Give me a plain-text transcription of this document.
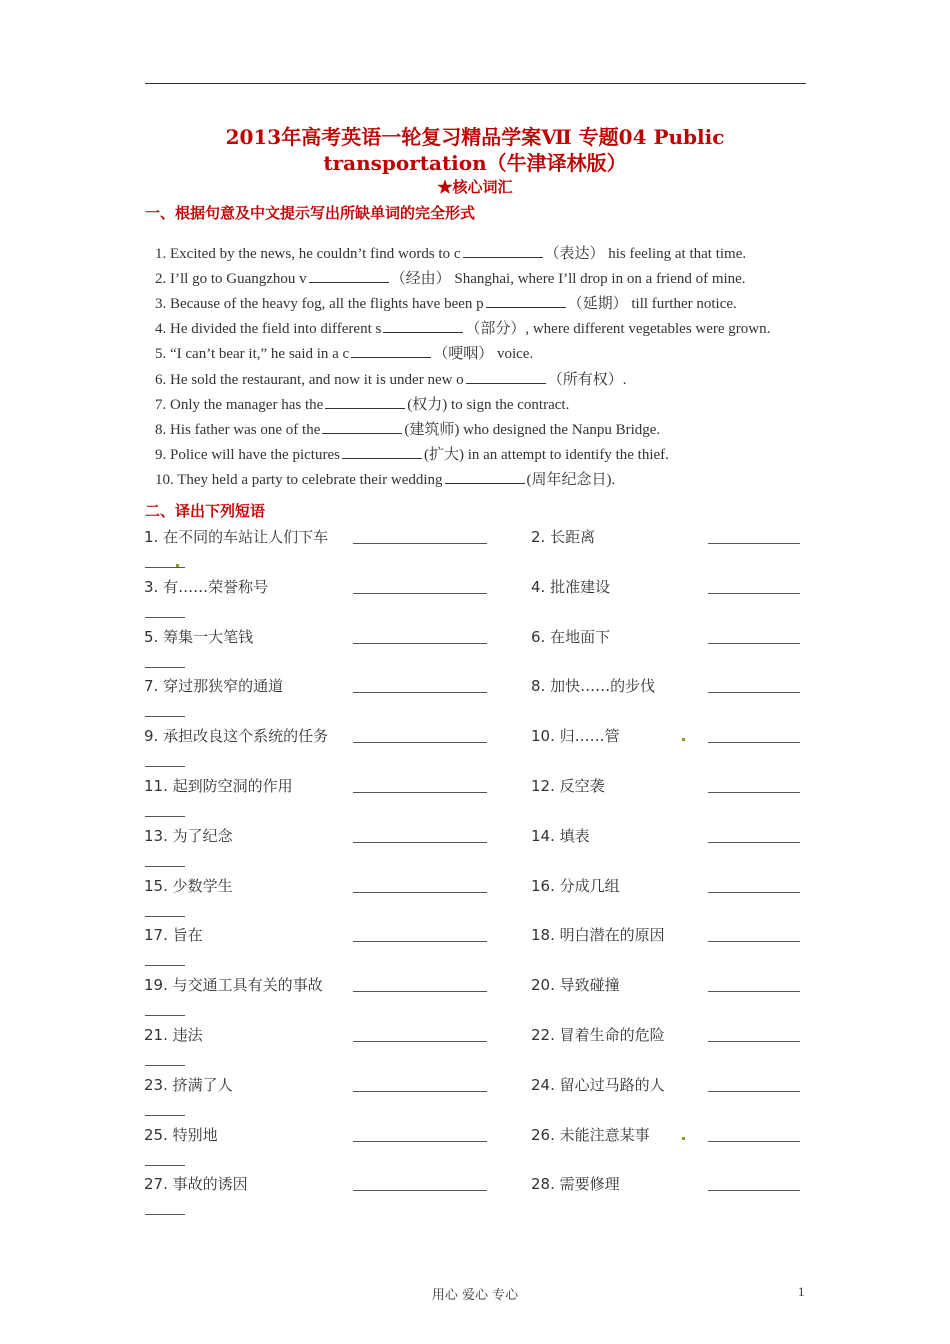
2013年高考英语一轮复习精品学案Ⅶ 专题04 Public
transportation（牛津译林版）
★核心词汇
一、根据句意及中文提示写出所缺单词的完全形式
1. Excited by the news, he couldn’t find words to c	（表达） his feeling at that time.
2. I’ll go to Guangzhou v	（经由） Shanghai, where I’ll drop in on a friend of mine.
3. Because of the heavy fog, all the flights have been p	（延期） till further notice.
4. He divided the field into different s	（部分）, where different vegetables were grown.
5. “I can’t bear it,” he said in a c	（哽咽） voice.
6. He sold the restaurant, and now it is under new o	（所有权）.
7. Only the manager has the	(权力) to sign the contract.
8. His father was one of the	(建筑师) who designed the Nanpu Bridge.
9. Police will have the pictures	(扩大) in an attempt to identify the thief.
10. They held a party to celebrate their wedding	(周年纪念日).
二、译出下列短语
1. 在不同的车站让人们下车	2. 长距离
3. 有……荣誉称号	4. 批准建设
5. 筹集一大笔钱	6. 在地面下
7. 穿过那狭窄的通道	8. 加快……的步伐
9. 承担改良这个系统的任务	10. 归……管
11. 起到防空洞的作用	12. 反空袭
13. 为了纪念	14. 填表
15. 少数学生	16. 分成几组
17. 旨在	18. 明白潜在的原因
19. 与交通工具有关的事故	20. 导致碰撞
21. 违法	22. 冒着生命的危险
23. 挤满了人	24. 留心过马路的人
25. 特别地	26. 未能注意某事
27. 事故的诱因	28. 需要修理
用心 爱心 专心	1
